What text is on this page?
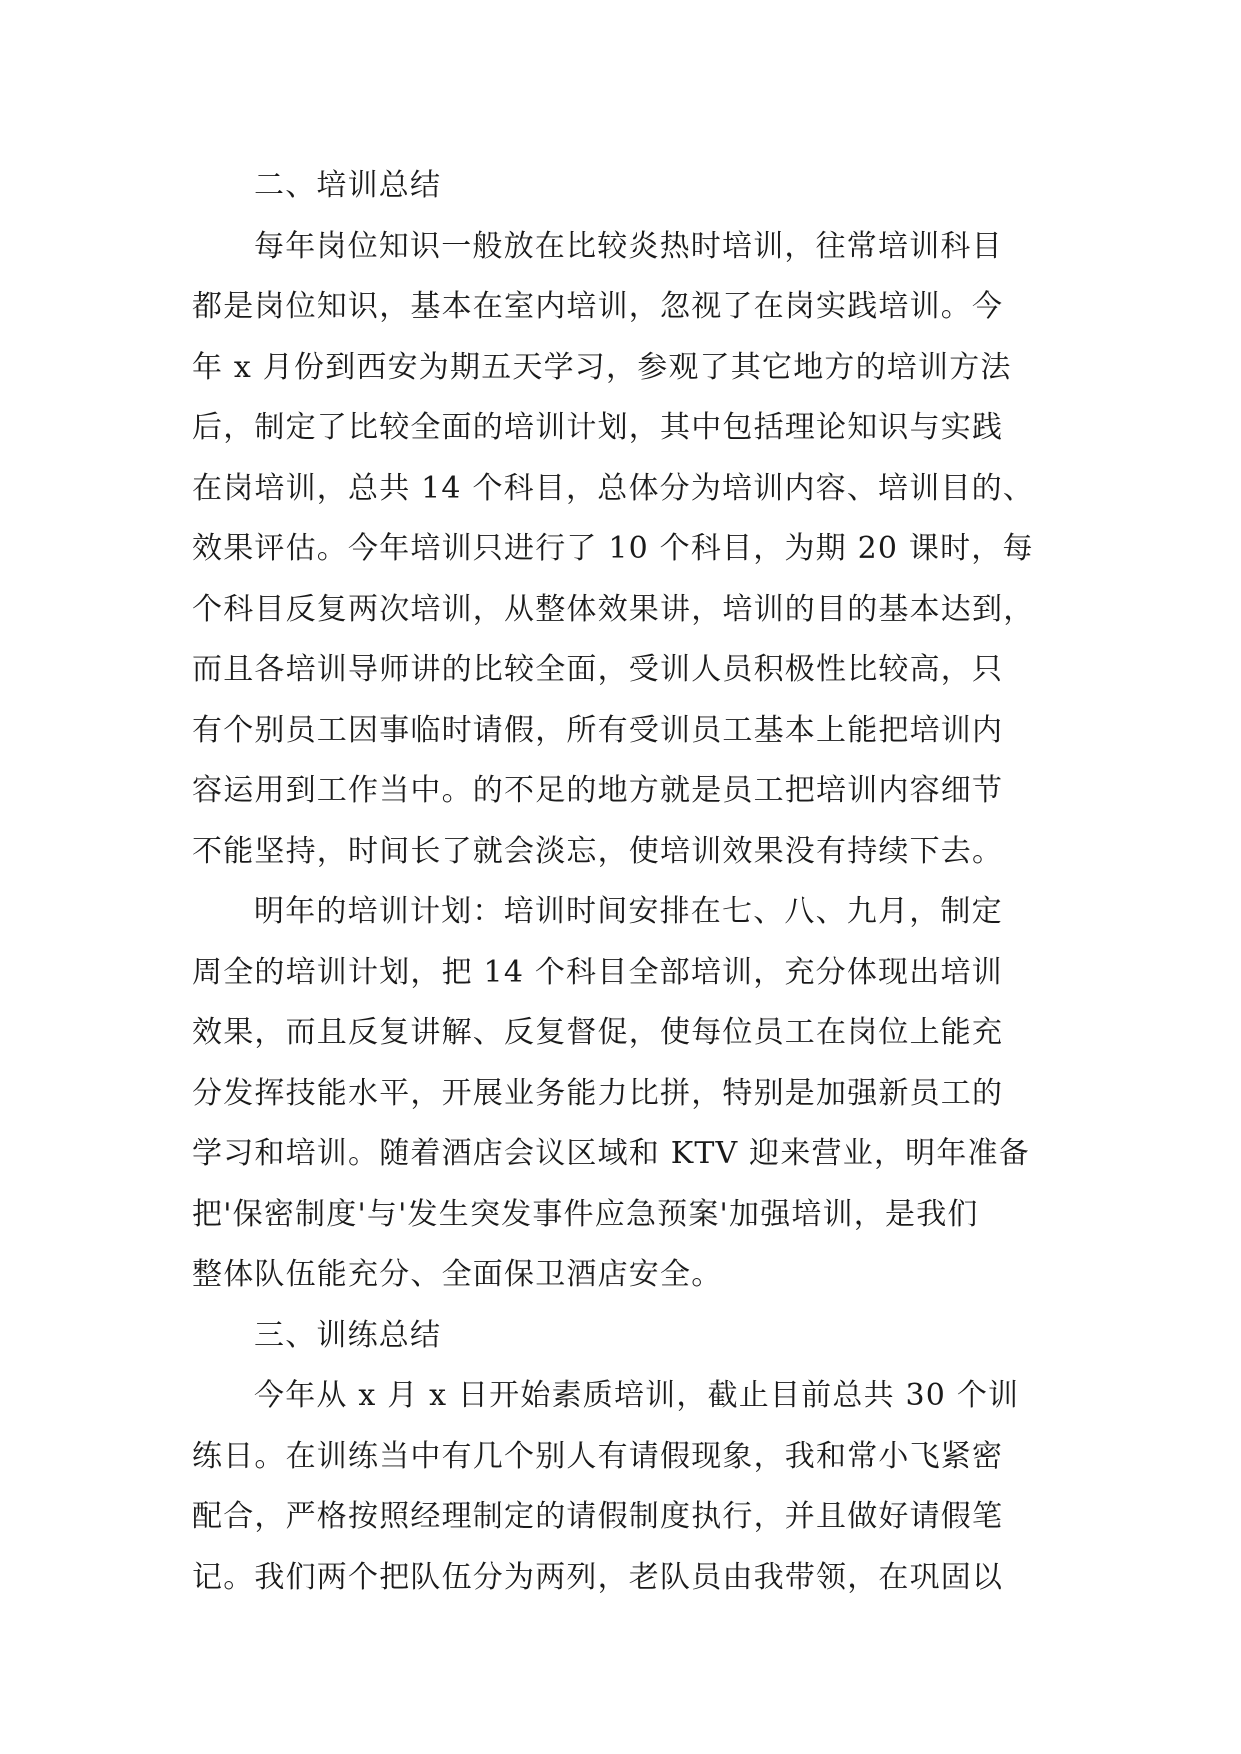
二、培训总结
每年岗位知识一般放在比较炎热时培训，往常培训科目
都是岗位知识，基本在室内培训，忽视了在岗实践培训。今
年 x 月份到西安为期五天学习，参观了其它地方的培训方法
后，制定了比较全面的培训计划，其中包括理论知识与实践
在岗培训，总共 14 个科目，总体分为培训内容、培训目的、
效果评估。今年培训只进行了 10 个科目，为期 20 课时，每
个科目反复两次培训，从整体效果讲，培训的目的基本达到，
而且各培训导师讲的比较全面，受训人员积极性比较高，只
有个别员工因事临时请假，所有受训员工基本上能把培训内
容运用到工作当中。的不足的地方就是员工把培训内容细节
不能坚持，时间长了就会淡忘，使培训效果没有持续下去。
明年的培训计划：培训时间安排在七、八、九月，制定
周全的培训计划，把 14 个科目全部培训，充分体现出培训
效果，而且反复讲解、反复督促，使每位员工在岗位上能充
分发挥技能水平，开展业务能力比拼，特别是加强新员工的
学习和培训。随着酒店会议区域和 KTV 迎来营业，明年准备
把'保密制度'与'发生突发事件应急预案'加强培训，是我们
整体队伍能充分、全面保卫酒店安全。
三、训练总结
今年从 x 月 x 日开始素质培训，截止目前总共 30 个训
练日。在训练当中有几个别人有请假现象，我和常小飞紧密
配合，严格按照经理制定的请假制度执行，并且做好请假笔
记。我们两个把队伍分为两列，老队员由我带领，在巩固以
